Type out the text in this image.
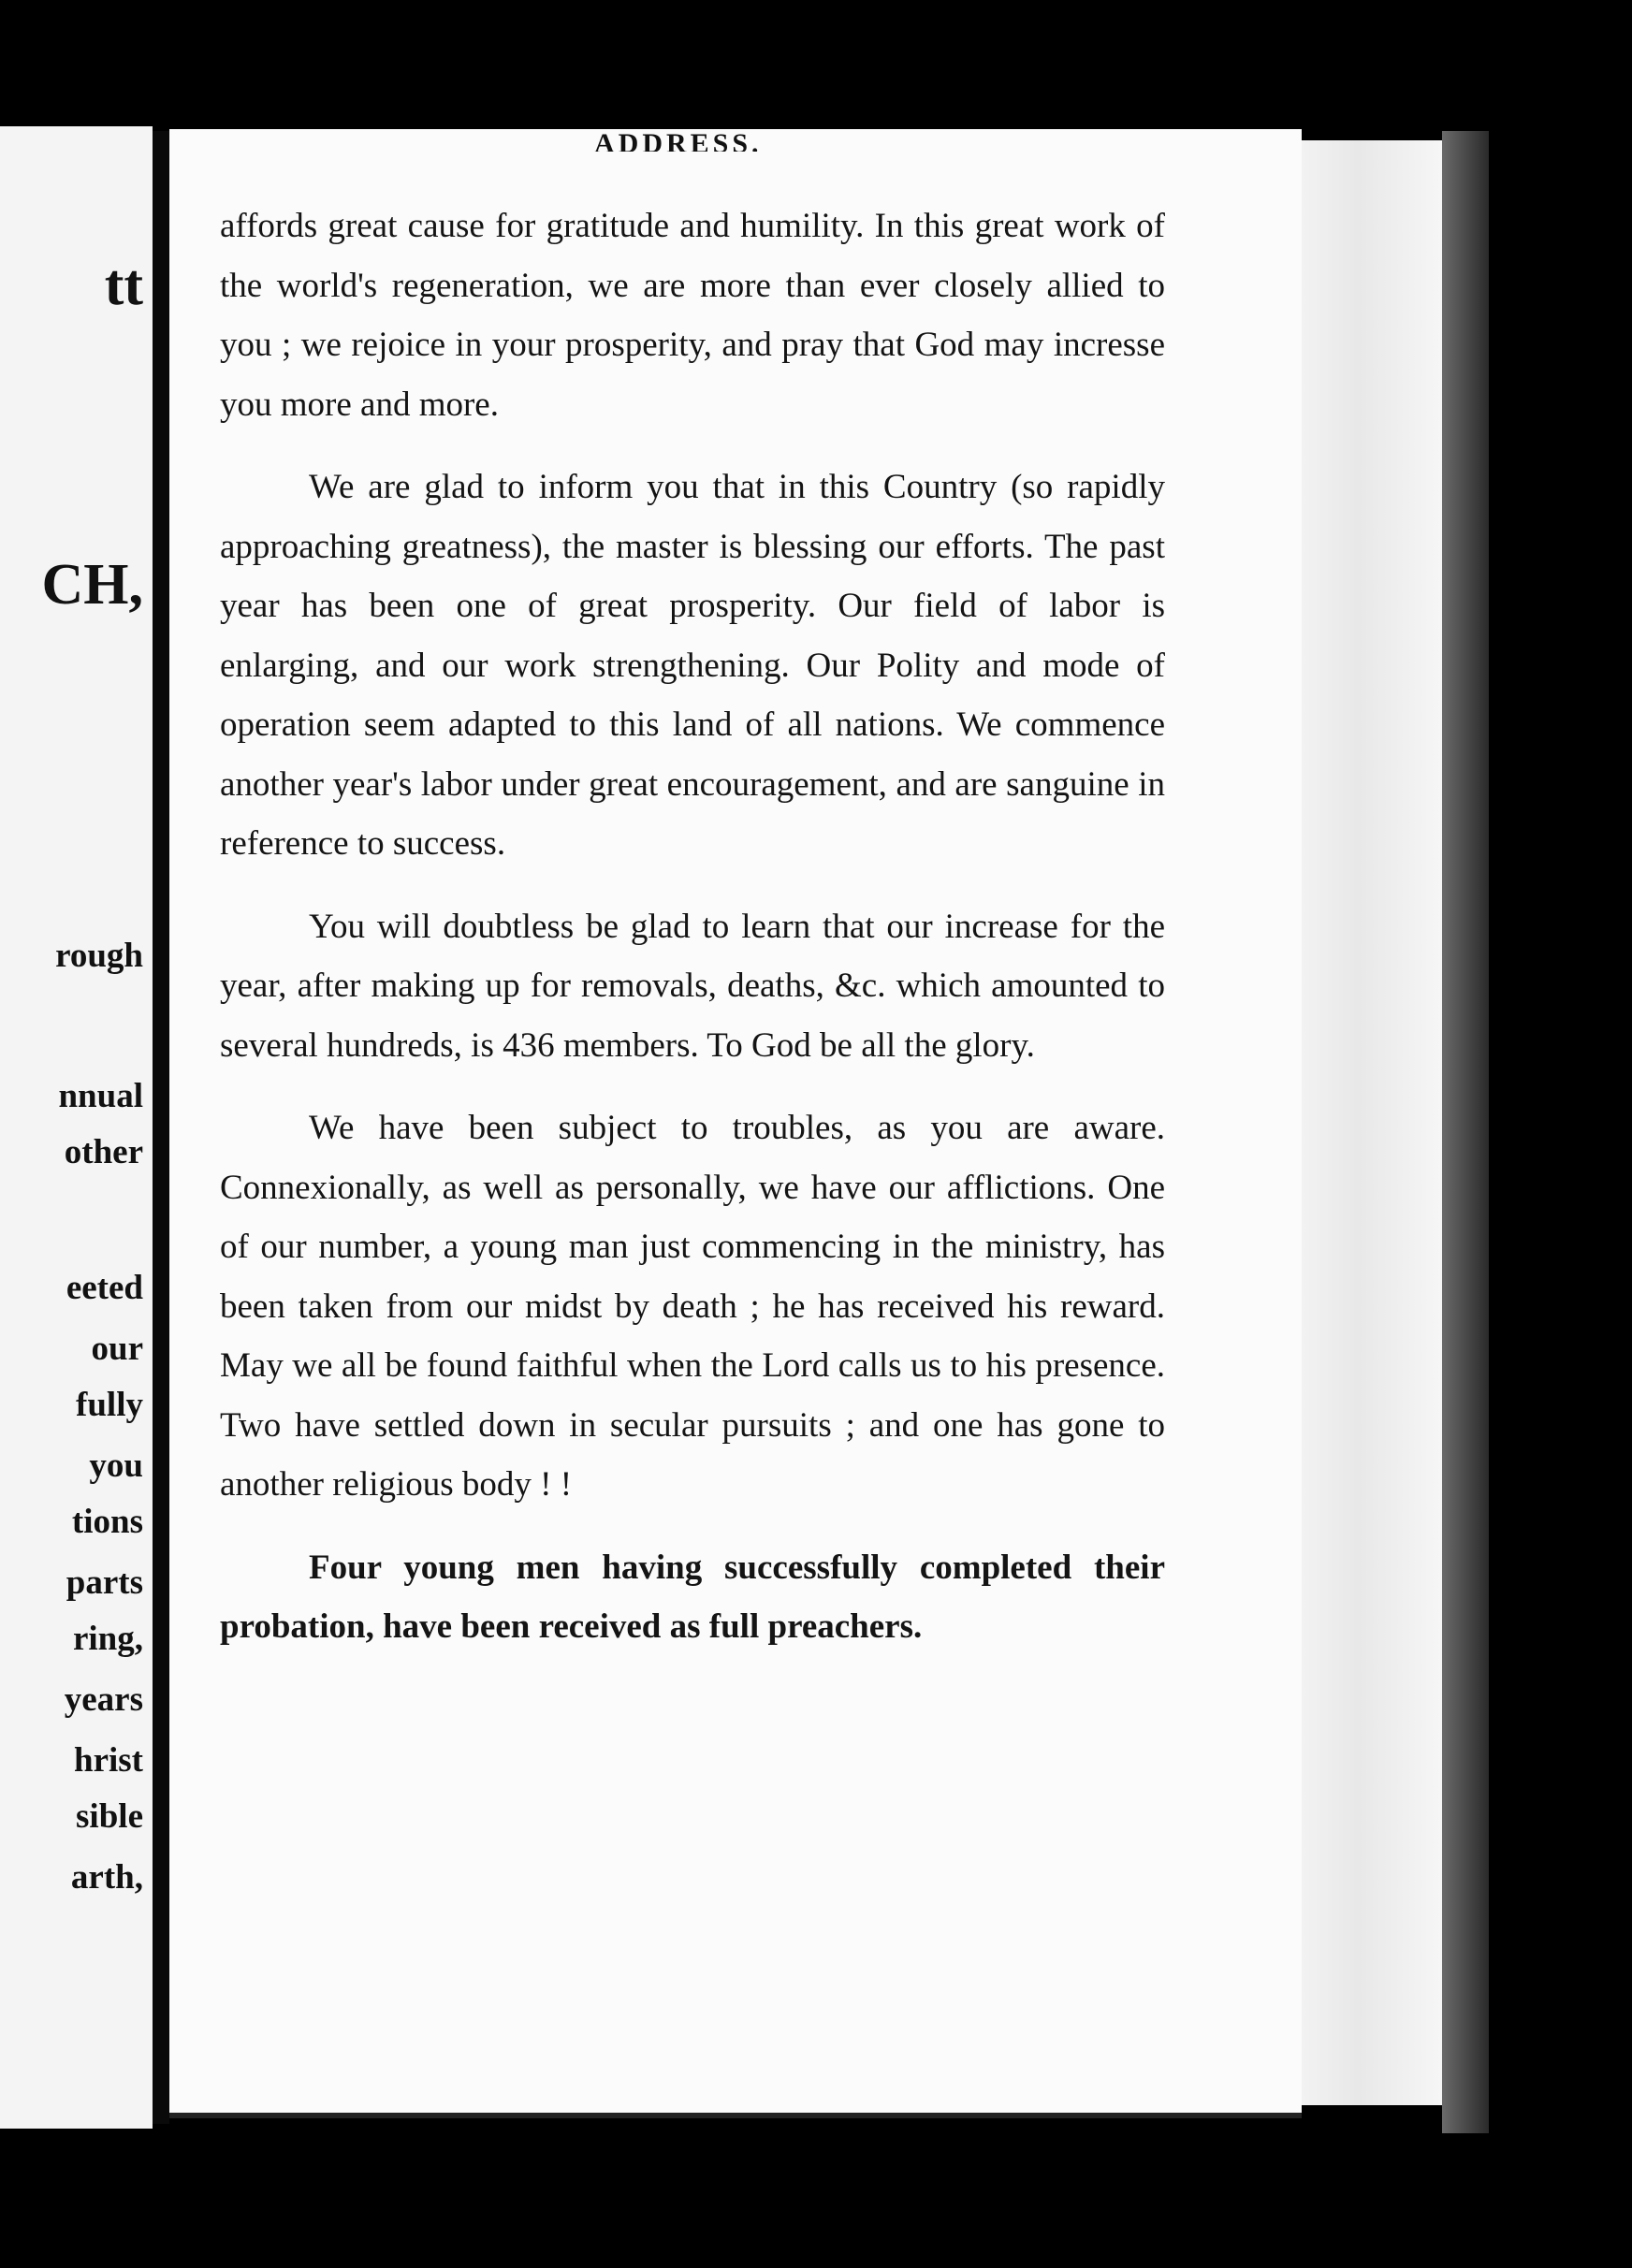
tt
CH,
rough
nnual
other
eeted
our
fully
you
tions
parts
ring,
years
hrist
sible
arth,
ADDRESS.

affords great cause for gratitude and humility. In this great work of the world's regeneration, we are more than ever closely allied to you ; we rejoice in your prosperity, and pray that God may incresse you more and more.

We are glad to inform you that in this Country (so rapidly approaching greatness), the master is blessing our efforts. The past year has been one of great prosperity. Our field of labor is enlarging, and our work strengthening. Our Polity and mode of operation seem adapted to this land of all nations. We commence another year's labor under great encouragement, and are sanguine in reference to success.

You will doubtless be glad to learn that our increase for the year, after making up for removals, deaths, &c. which amounted to several hundreds, is 436 members. To God be all the glory.

We have been subject to troubles, as you are aware. Connexionally, as well as personally, we have our afflictions. One of our number, a young man just commencing in the ministry, has been taken from our midst by death ; he has received his reward. May we all be found faithful when the Lord calls us to his presence. Two have settled down in secular pursuits ; and one has gone to another religious body ! !

Four young men having successfully completed their probation, have been received as full preachers.
